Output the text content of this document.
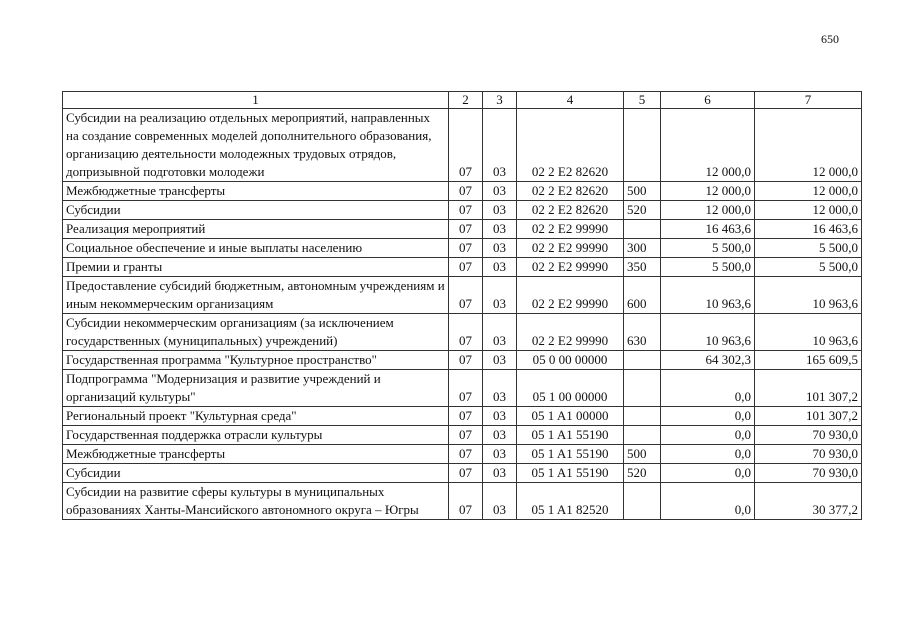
650
1	2	3	4	5	6	7
Субсидии на реализацию отдельных мероприятий, направленных на создание современных моделей дополнительного образования, организацию деятельности молодежных трудовых отрядов, допризывной подготовки молодежи	07	03	02 2 E2 82620		12 000,0	12 000,0
Межбюджетные трансферты	07	03	02 2 E2 82620	500	12 000,0	12 000,0
Субсидии	07	03	02 2 E2 82620	520	12 000,0	12 000,0
Реализация мероприятий	07	03	02 2 E2 99990		16 463,6	16 463,6
Социальное обеспечение и иные выплаты населению	07	03	02 2 E2 99990	300	5 500,0	5 500,0
Премии и гранты	07	03	02 2 E2 99990	350	5 500,0	5 500,0
Предоставление субсидий бюджетным, автономным учреждениям и иным некоммерческим организациям	07	03	02 2 E2 99990	600	10 963,6	10 963,6
Субсидии некоммерческим организациям (за исключением государственных (муниципальных) учреждений)	07	03	02 2 E2 99990	630	10 963,6	10 963,6
Государственная программа "Культурное пространство"	07	03	05 0 00 00000		64 302,3	165 609,5
Подпрограмма "Модернизация и развитие учреждений и организаций культуры"	07	03	05 1 00 00000		0,0	101 307,2
Региональный проект "Культурная среда"	07	03	05 1 A1 00000		0,0	101 307,2
Государственная поддержка отрасли культуры	07	03	05 1 A1 55190		0,0	70 930,0
Межбюджетные трансферты	07	03	05 1 A1 55190	500	0,0	70 930,0
Субсидии	07	03	05 1 A1 55190	520	0,0	70 930,0
Субсидии на развитие сферы культуры в муниципальных образованиях Ханты-Мансийского автономного округа – Югры	07	03	05 1 A1 82520		0,0	30 377,2
